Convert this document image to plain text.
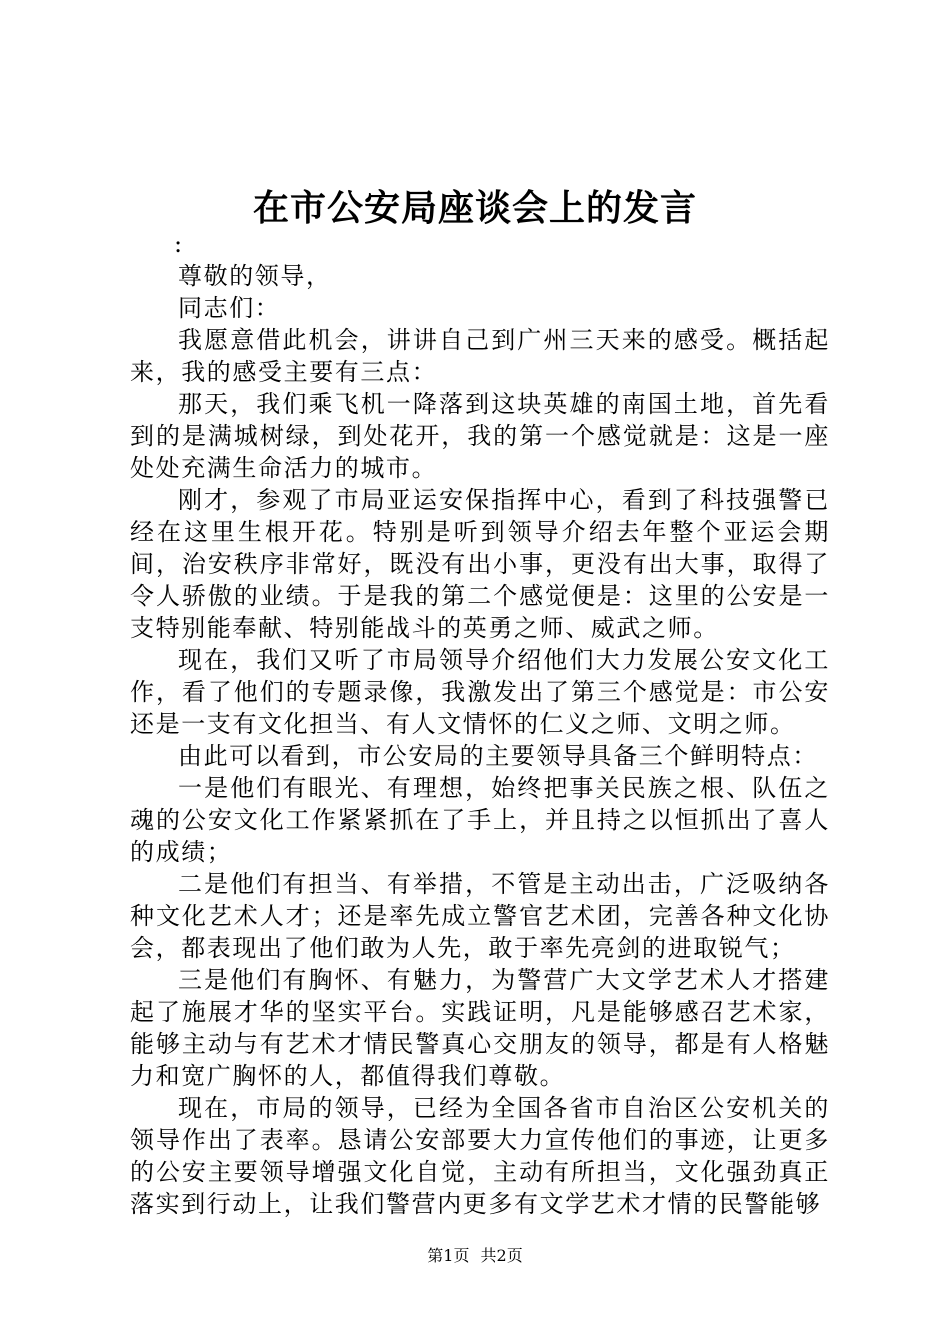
在市公安局座谈会上的发言

:

尊敬的领导，

同志们：

我愿意借此机会，讲讲自己到广州三天来的感受。概括起来，我的感受主要有三点：

那天，我们乘飞机一降落到这块英雄的南国土地，首先看到的是满城树绿，到处花开，我的第一个感觉就是：这是一座处处充满生命活力的城市。

刚才，参观了市局亚运安保指挥中心，看到了科技强警已经在这里生根开花。特别是听到领导介绍去年整个亚运会期间，治安秩序非常好，既没有出小事，更没有出大事，取得了令人骄傲的业绩。于是我的第二个感觉便是：这里的公安是一支特别能奉献、特别能战斗的英勇之师、威武之师。

现在，我们又听了市局领导介绍他们大力发展公安文化工作，看了他们的专题录像，我激发出了第三个感觉是：市公安还是一支有文化担当、有人文情怀的仁义之师、文明之师。

由此可以看到，市公安局的主要领导具备三个鲜明特点：

一是他们有眼光、有理想，始终把事关民族之根、队伍之魂的公安文化工作紧紧抓在了手上，并且持之以恒抓出了喜人的成绩；

二是他们有担当、有举措，不管是主动出击，广泛吸纳各种文化艺术人才；还是率先成立警官艺术团，完善各种文化协会，都表现出了他们敢为人先，敢于率先亮剑的进取锐气；

三是他们有胸怀、有魅力，为警营广大文学艺术人才搭建起了施展才华的坚实平台。实践证明，凡是能够感召艺术家，能够主动与有艺术才情民警真心交朋友的领导，都是有人格魅力和宽广胸怀的人，都值得我们尊敬。

现在，市局的领导，已经为全国各省市自治区公安机关的领导作出了表率。恳请公安部要大力宣传他们的事迹，让更多的公安主要领导增强文化自觉，主动有所担当，文化强劲真正落实到行动上，让我们警营内更多有文学艺术才情的民警能够

第1页 共2页
